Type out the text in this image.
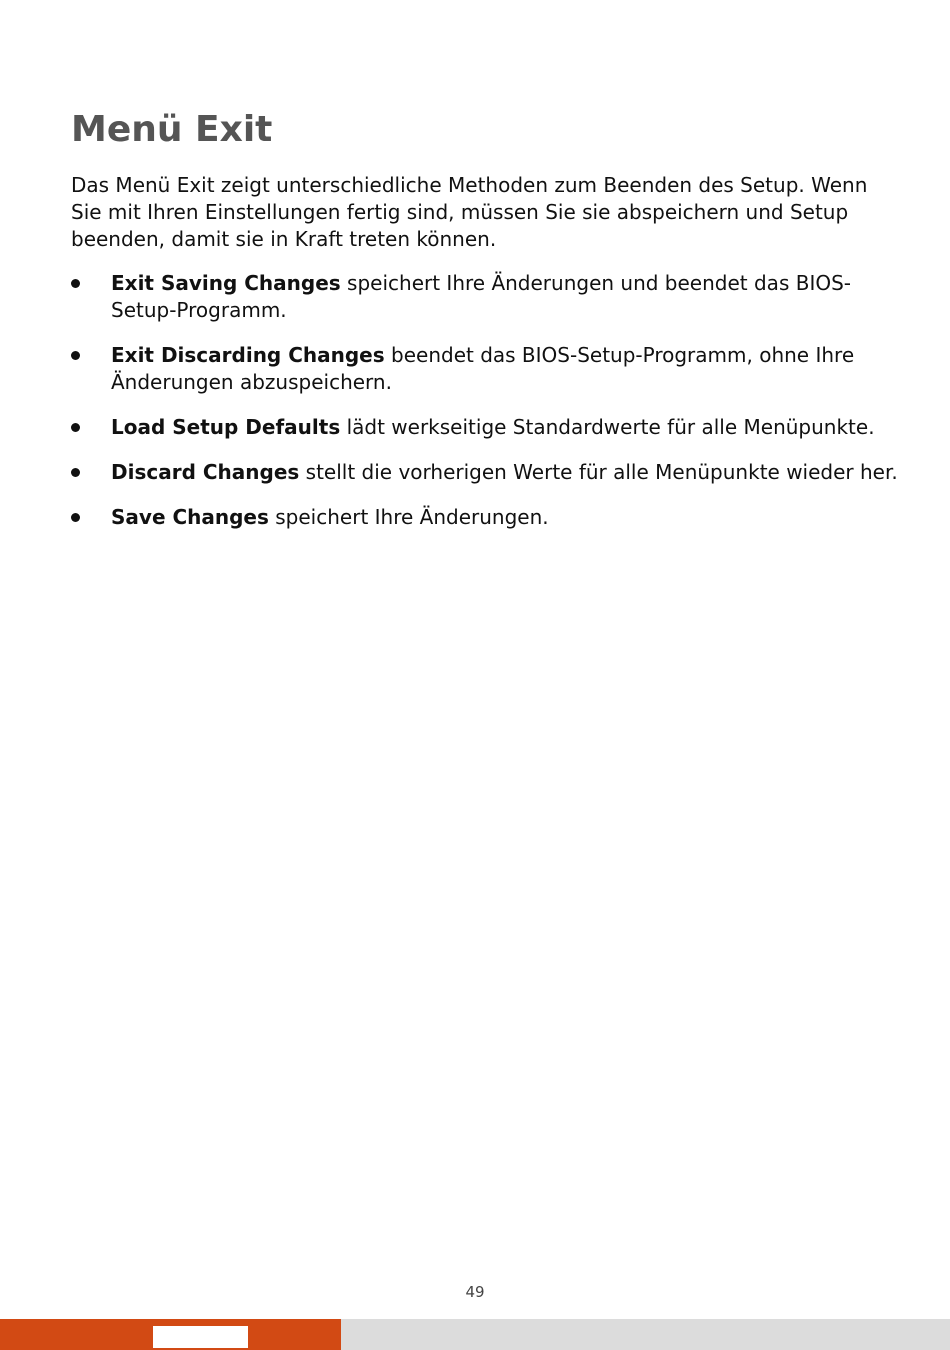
Menü Exit

Das Menü Exit zeigt unterschiedliche Methoden zum Beenden des Setup. Wenn Sie mit Ihren Einstellungen fertig sind, müssen Sie sie abspeichern und Setup beenden, damit sie in Kraft treten können.

Exit Saving Changes speichert Ihre Änderungen und beendet das BIOS-Setup-Programm.
Exit Discarding Changes beendet das BIOS-Setup-Programm, ohne Ihre Änderungen abzuspeichern.
Load Setup Defaults lädt werkseitige Standardwerte für alle Menüpunkte.
Discard Changes stellt die vorherigen Werte für alle Menüpunkte wieder her.
Save Changes speichert Ihre Änderungen.
49
